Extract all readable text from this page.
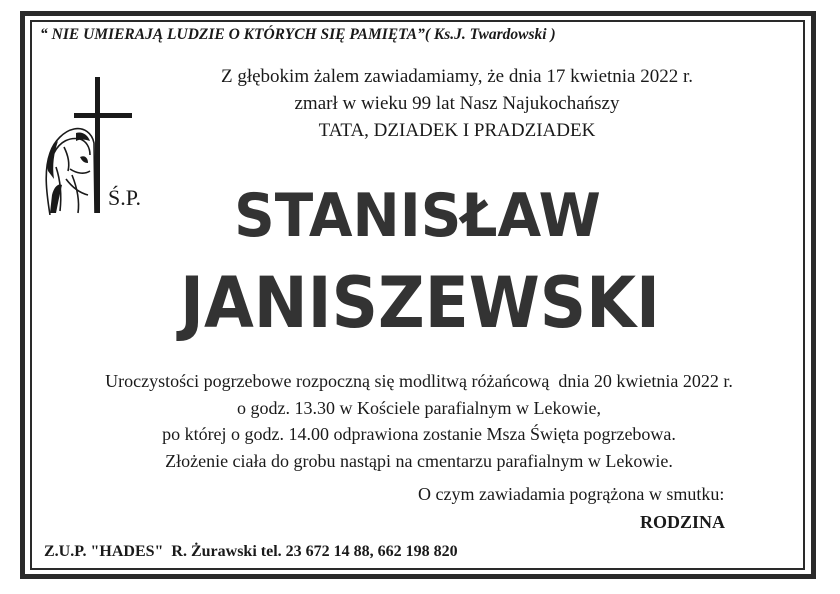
“ NIE UMIERAJĄ LUDZIE O KTÓRYCH SIĘ PAMIĘTA”( Ks.J. Twardowski )
Z głębokim żalem zawiadamiamy, że dnia 17 kwietnia 2022 r.
zmarł w wieku 99 lat Nasz Najukochańszy
TATA, DZIADEK I PRADZIADEK
Ś.P.	STANISŁAW
JANISZEWSKI
Uroczystości pogrzebowe rozpoczną się modlitwą różańcową  dnia 20 kwietnia 2022 r.
o godz. 13.30 w Kościele parafialnym w Lekowie,
po której o godz. 14.00 odprawiona zostanie Msza Święta pogrzebowa.
Złożenie ciała do grobu nastąpi na cmentarzu parafialnym w Lekowie.
O czym zawiadamia pogrążona w smutku:
RODZINA
Z.U.P. "HADES"  R. Żurawski tel. 23 672 14 88, 662 198 820
